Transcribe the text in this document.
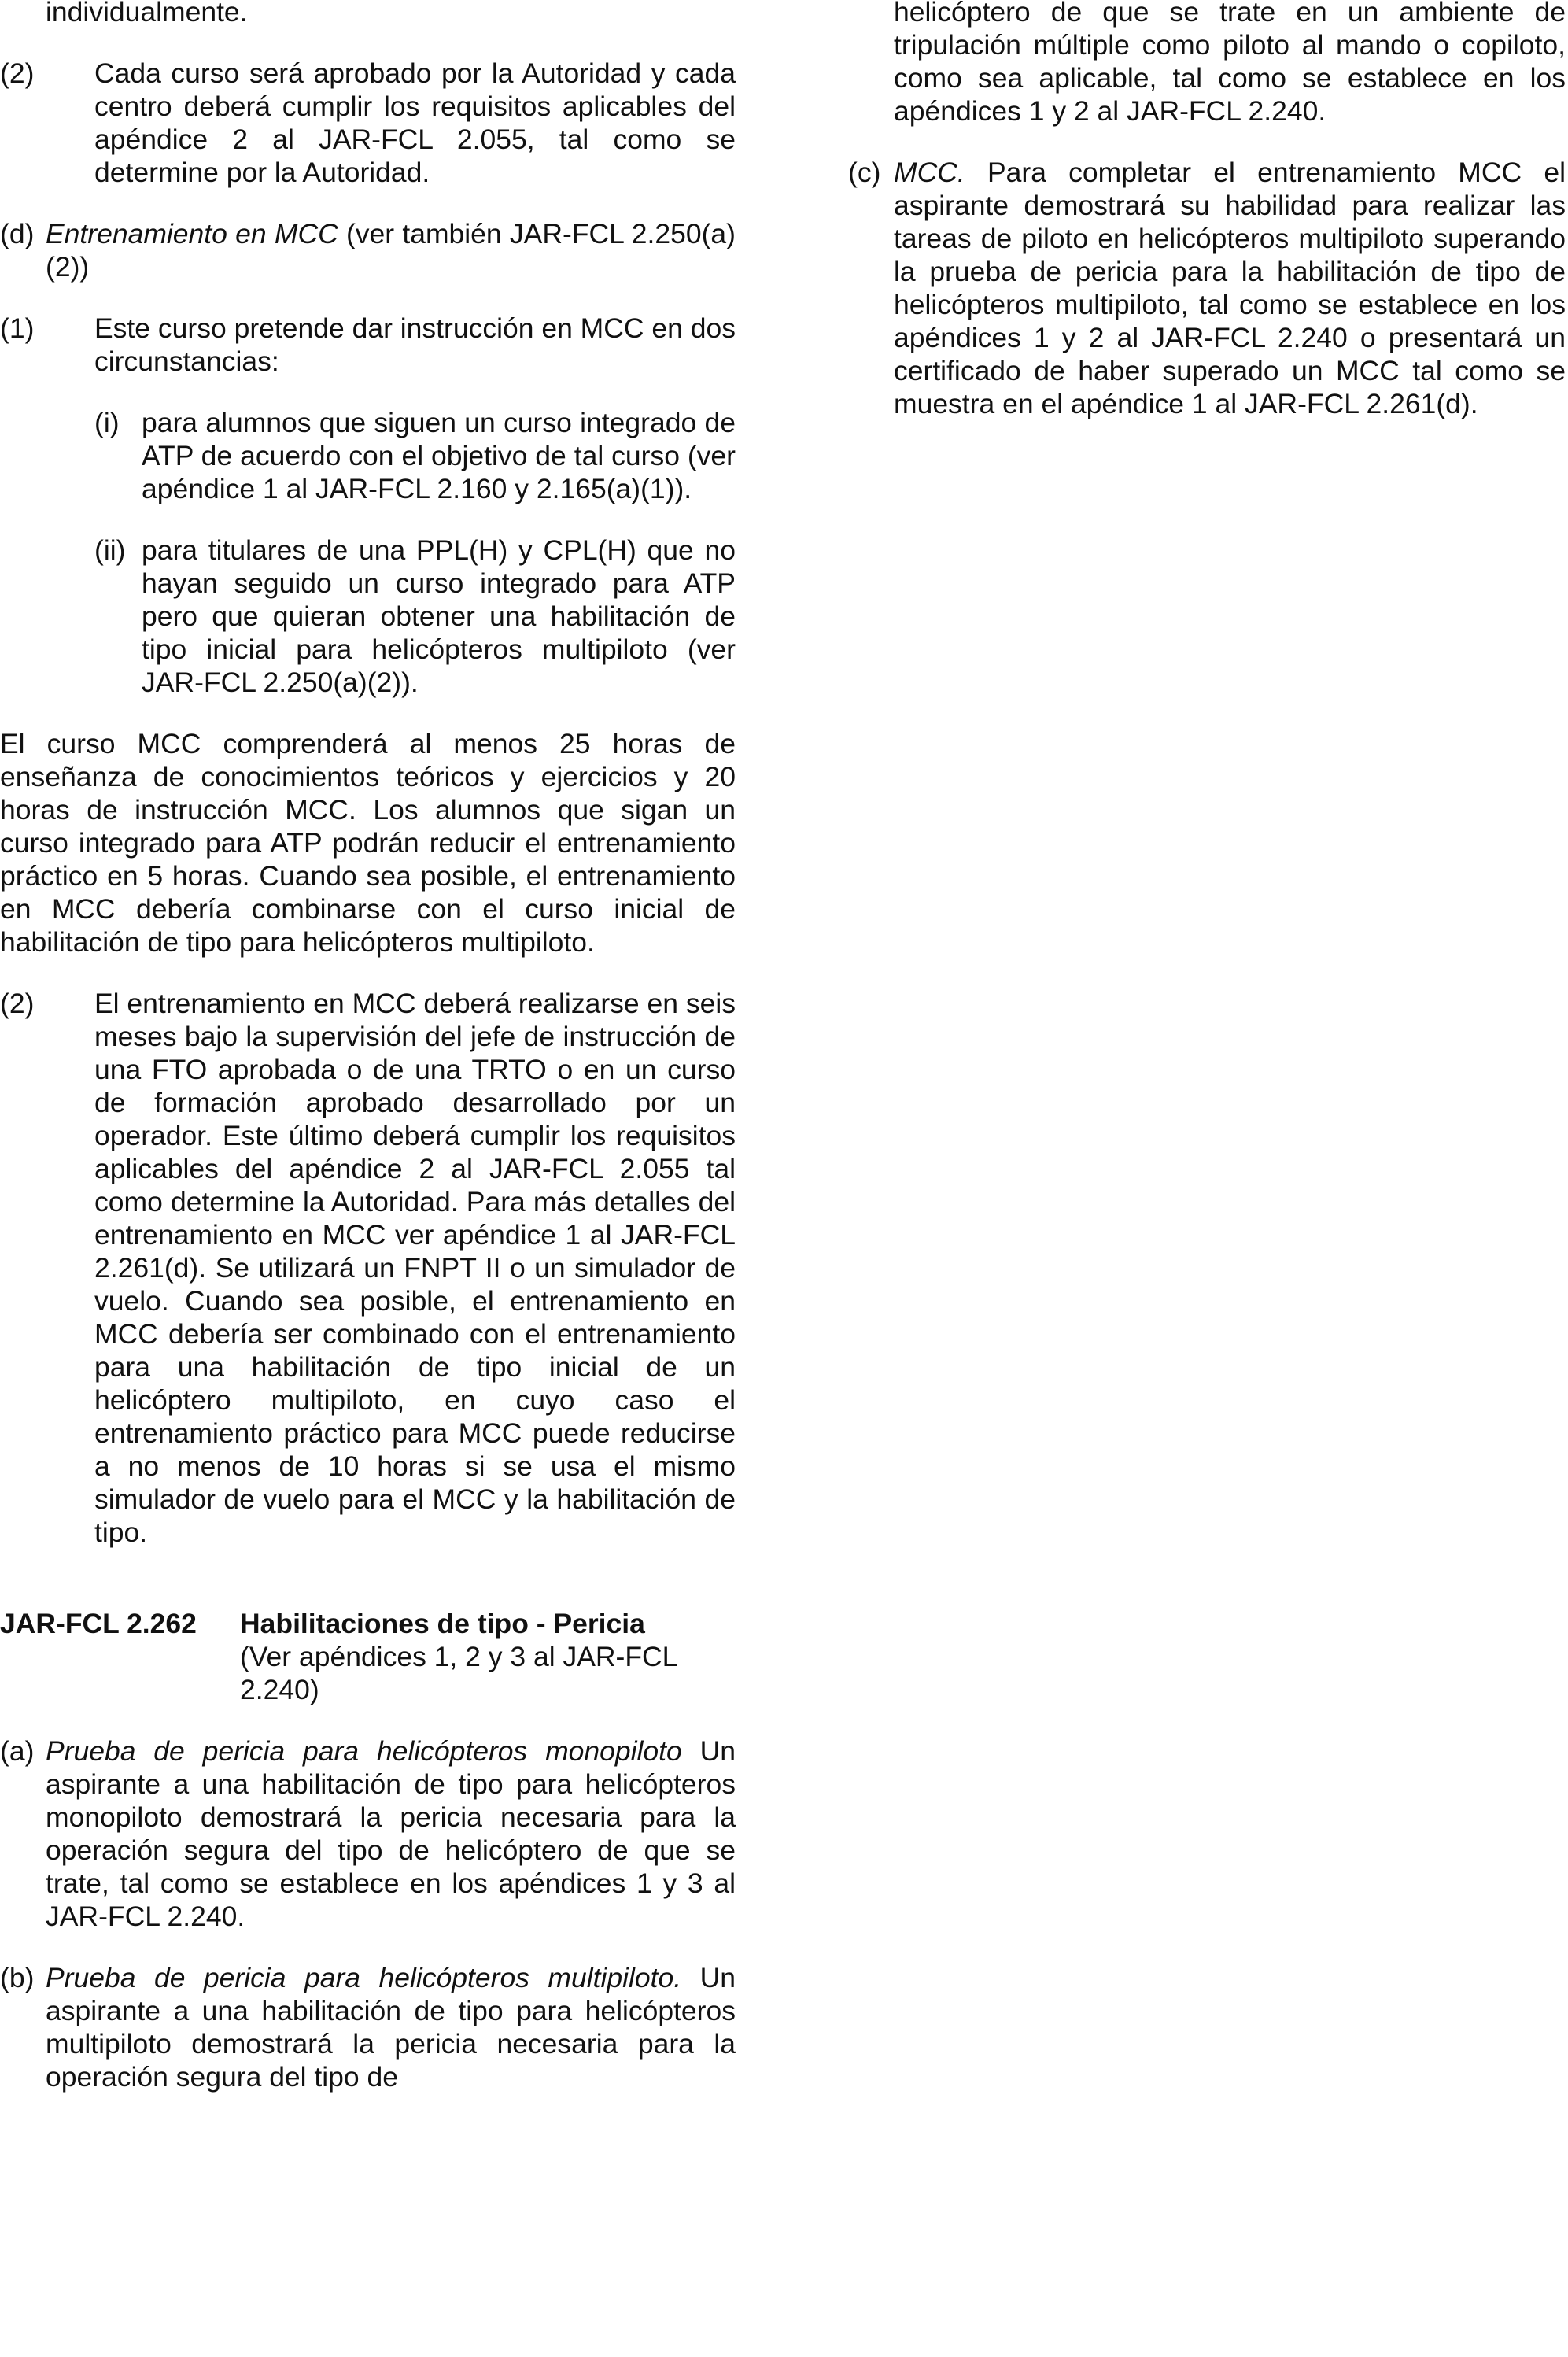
individualmente.

(2) Cada curso será aprobado por la Autoridad y cada centro deberá cumplir los requisitos aplicables del apéndice 2 al JAR-FCL 2.055, tal como se determine por la Autoridad.
(d) Entrenamiento en MCC (ver también JAR-FCL 2.250(a)(2))
(1) Este curso pretende dar instrucción en MCC en dos circunstancias:
(i) para alumnos que siguen un curso integrado de ATP de acuerdo con el objetivo de tal curso (ver apéndice 1 al JAR-FCL 2.160 y 2.165(a)(1)).
(ii) para titulares de una PPL(H) y CPL(H) que no hayan seguido un curso integrado para ATP pero que quieran obtener una habilitación de tipo inicial para helicópteros multipiloto (ver JAR-FCL 2.250(a)(2)).

El curso MCC comprenderá al menos 25 horas de enseñanza de conocimientos teóricos y ejercicios y 20 horas de instrucción MCC. Los alumnos que sigan un curso integrado para ATP podrán reducir el entrenamiento práctico en 5 horas. Cuando sea posible, el entrenamiento en MCC debería combinarse con el curso inicial de habilitación de tipo para helicópteros multipiloto.

(2) El entrenamiento en MCC deberá realizarse en seis meses bajo la supervisión del jefe de instrucción de una FTO aprobada o de una TRTO o en un curso de formación aprobado desarrollado por un operador. Este último deberá cumplir los requisitos aplicables del apéndice 2 al JAR-FCL 2.055 tal como determine la Autoridad. Para más detalles del entrenamiento en MCC ver apéndice 1 al JAR-FCL 2.261(d). Se utilizará un FNPT II o un simulador de vuelo. Cuando sea posible, el entrenamiento en MCC debería ser combinado con el entrenamiento para una habilitación de tipo inicial de un helicóptero multipiloto, en cuyo caso el entrenamiento práctico para MCC puede reducirse a no menos de 10 horas si se usa el mismo simulador de vuelo para el MCC y la habilitación de tipo.
JAR-FCL 2.262 Habilitaciones de tipo - Pericia
(Ver apéndices 1, 2 y 3 al JAR-FCL 2.240)
(a) Prueba de pericia para helicópteros monopiloto Un aspirante a una habilitación de tipo para helicópteros monopiloto demostrará la pericia necesaria para la operación segura del tipo de helicóptero de que se trate, tal como se establece en los apéndices 1 y 3 al JAR-FCL 2.240.
(b) Prueba de pericia para helicópteros multipiloto. Un aspirante a una habilitación de tipo para helicópteros multipiloto demostrará la pericia necesaria para la operación segura del tipo de

helicóptero de que se trate en un ambiente de tripulación múltiple como piloto al mando o copiloto, como sea aplicable, tal como se establece en los apéndices 1 y 2 al JAR-FCL 2.240.

(c) MCC. Para completar el entrenamiento MCC el aspirante demostrará su habilidad para realizar las tareas de piloto en helicópteros multipiloto superando la prueba de pericia para la habilitación de tipo de helicópteros multipiloto, tal como se establece en los apéndices 1 y 2 al JAR-FCL 2.240 o presentará un certificado de haber superado un MCC tal como se muestra en el apéndice 1 al JAR-FCL 2.261(d).
